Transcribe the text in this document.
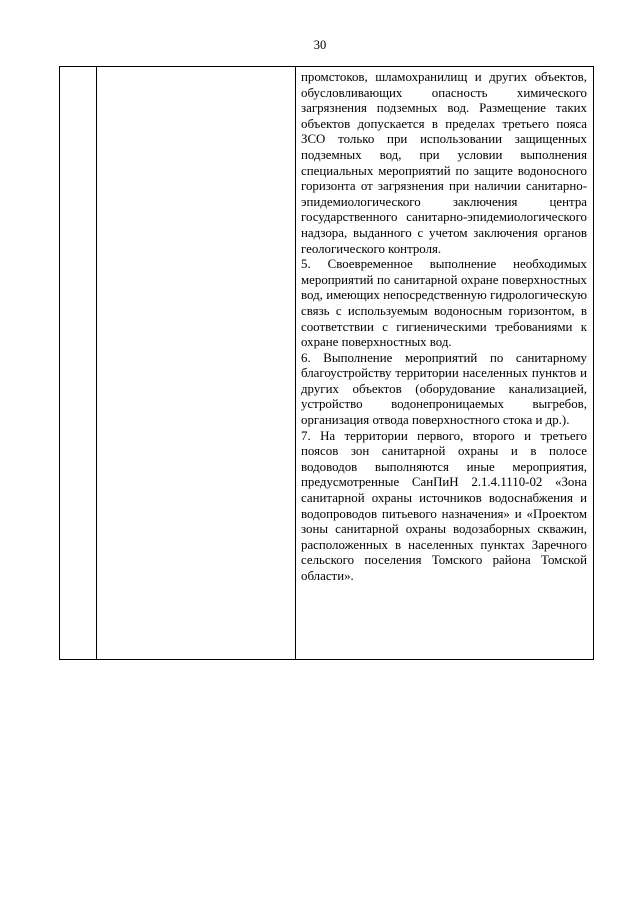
30

промстоков, шламохранилищ и других объектов, обусловливающих опасность химического загрязнения подземных вод. Размещение таких объектов допускается в пределах третьего пояса ЗСО только при использовании защищенных подземных вод, при условии выполнения специальных мероприятий по защите водоносного горизонта от загрязнения при наличии санитарно-эпидемиологического заключения центра государственного санитарно-эпидемиологического надзора, выданного с учетом заключения органов геологического контроля.

5. Своевременное выполнение необходимых мероприятий по санитарной охране поверхностных вод, имеющих непосредственную гидрологическую связь с используемым водоносным горизонтом, в соответствии с гигиеническими требованиями к охране поверхностных вод.

6. Выполнение мероприятий по санитарному благоустройству территории населенных пунктов и других объектов (оборудование канализацией, устройство водонепроницаемых выгребов, организация отвода поверхностного стока и др.).

7. На территории первого, второго и третьего поясов зон санитарной охраны и в полосе водоводов выполняются иные мероприятия, предусмотренные СанПиН 2.1.4.1110-02 «Зона санитарной охраны источников водоснабжения и водопроводов питьевого назначения» и «Проектом зоны санитарной охраны водозаборных скважин, расположенных в населенных пунктах Заречного сельского поселения Томского района Томской области».
